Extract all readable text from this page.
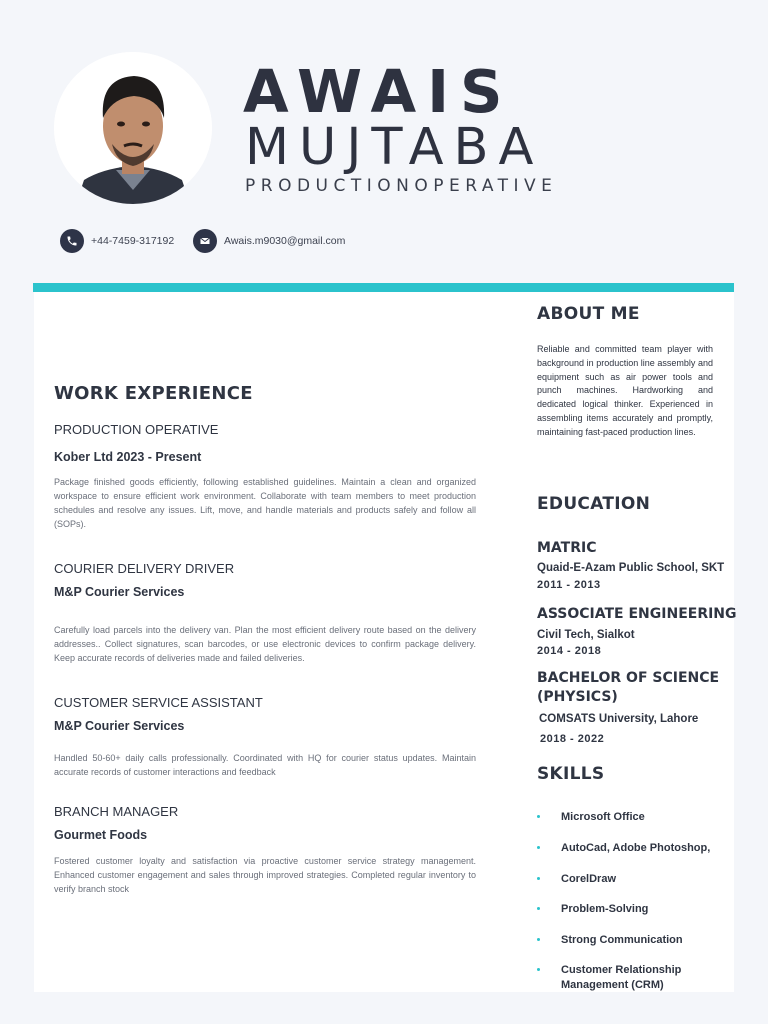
AWAIS
MUJTABA
PRODUCTIONOPERATIVE
+44-7459-317192	Awais.m9030@gmail.com
WORK EXPERIENCE
PRODUCTION OPERATIVE
Kober Ltd 2023 - Present

Package finished goods efficiently, following established guidelines. Maintain a clean and organized workspace to ensure efficient work environment. Collaborate with team members to meet production schedules and resolve any issues. Lift, move, and handle materials and products safely and follow all (SOPs).

COURIER DELIVERY DRIVER
M&P Courier Services

Carefully load parcels into the delivery van. Plan the most efficient delivery route based on the delivery addresses.. Collect signatures, scan barcodes, or use electronic devices to confirm package delivery. Keep accurate records of deliveries made and failed deliveries.

CUSTOMER SERVICE ASSISTANT
M&P Courier Services

Handled 50-60+ daily calls professionally. Coordinated with HQ for courier status updates. Maintain accurate records of customer interactions and feedback

BRANCH MANAGER
Gourmet Foods

Fostered customer loyalty and satisfaction via proactive customer service strategy management. Enhanced customer engagement and sales through improved strategies. Completed regular inventory to verify branch stock

ABOUT ME

Reliable and committed team player with background in production line assembly and equipment such as air power tools and punch machines. Hardworking and dedicated logical thinker. Experienced in assembling items accurately and promptly, maintaining fast-paced production lines.

EDUCATION
MATRIC
Quaid-E-Azam Public School, SKT
2011 - 2013
ASSOCIATE ENGINEERING
Civil Tech, Sialkot
2014 - 2018
BACHELOR OF SCIENCE (PHYSICS)
COMSATS University, Lahore
2018 - 2022
SKILLS
Microsoft Office
AutoCad, Adobe Photoshop,
CorelDraw
Problem-Solving
Strong Communication
Customer Relationship Management (CRM)
